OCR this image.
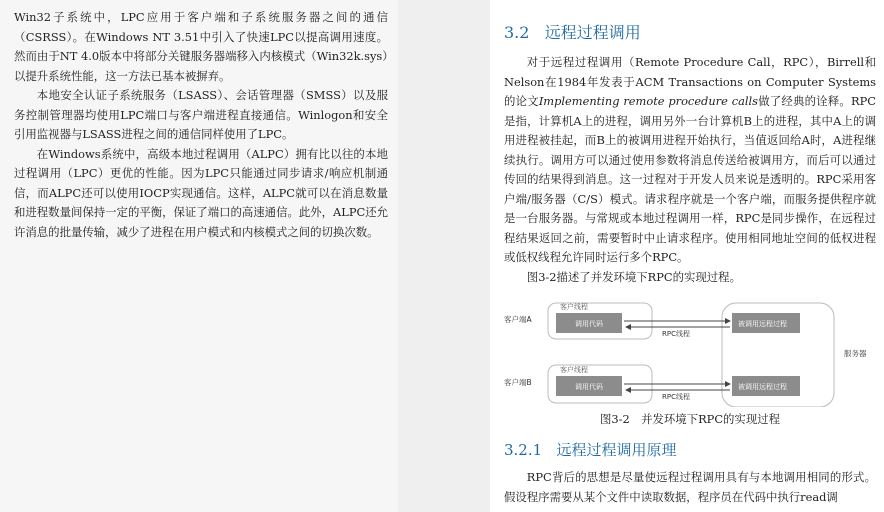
Win32子系统中，LPC应用于客户端和子系统服务器之间的通信（CSRSS）。在Windows NT 3.51中引入了快速LPC以提高调用速度。然而由于NT 4.0版本中将部分关键服务器端移入内核模式（Win32k.sys）以提升系统性能，这一方法已基本被摒弃。

本地安全认证子系统服务（LSASS）、会话管理器（SMSS）以及服务控制管理器均使用LPC端口与客户端进程直接通信。Winlogon和安全引用监视器与LSASS进程之间的通信同样使用了LPC。

在Windows系统中，高级本地过程调用（ALPC）拥有比以往的本地过程调用（LPC）更优的性能。因为LPC只能通过同步请求/响应机制通信，而ALPC还可以使用IOCP实现通信。这样，ALPC就可以在消息数量和进程数量间保持一定的平衡，保证了端口的高速通信。此外，ALPC还允许消息的批量传输，减少了进程在用户模式和内核模式之间的切换次数。

3.2 远程过程调用

对于远程过程调用（Remote Procedure Call，RPC），Birrell和Nelson在1984年发表于ACM Transactions on Computer Systems的论文Implementing remote procedure calls做了经典的诠释。RPC是指，计算机A上的进程，调用另外一台计算机B上的进程，其中A上的调用进程被挂起，而B上的被调用进程开始执行，当值返回给A时，A进程继续执行。调用方可以通过使用参数将消息传送给被调用方，而后可以通过传回的结果得到消息。这一过程对于开发人员来说是透明的。RPC采用客户端/服务器（C/S）模式。请求程序就是一个客户端，而服务提供程序就是一台服务器。与常规或本地过程调用一样，RPC是同步操作，在远程过程结果返回之前，需要暂时中止请求程序。使用相同地址空间的低权进程或低权线程允许同时运行多个RPC。

图3-2描述了并发环境下RPC的实现过程。

客户端A
客户端B
客户线程
客户线程
调用代码
调用代码
RPC线程
RPC线程
被调用远程过程
被调用远程过程
服务器
图3-2　并发环境下RPC的实现过程
3.2.1 远程过程调用原理

RPC背后的思想是尽量使远程过程调用具有与本地调用相同的形式。假设程序需要从某个文件中读取数据，程序员在代码中执行read调
